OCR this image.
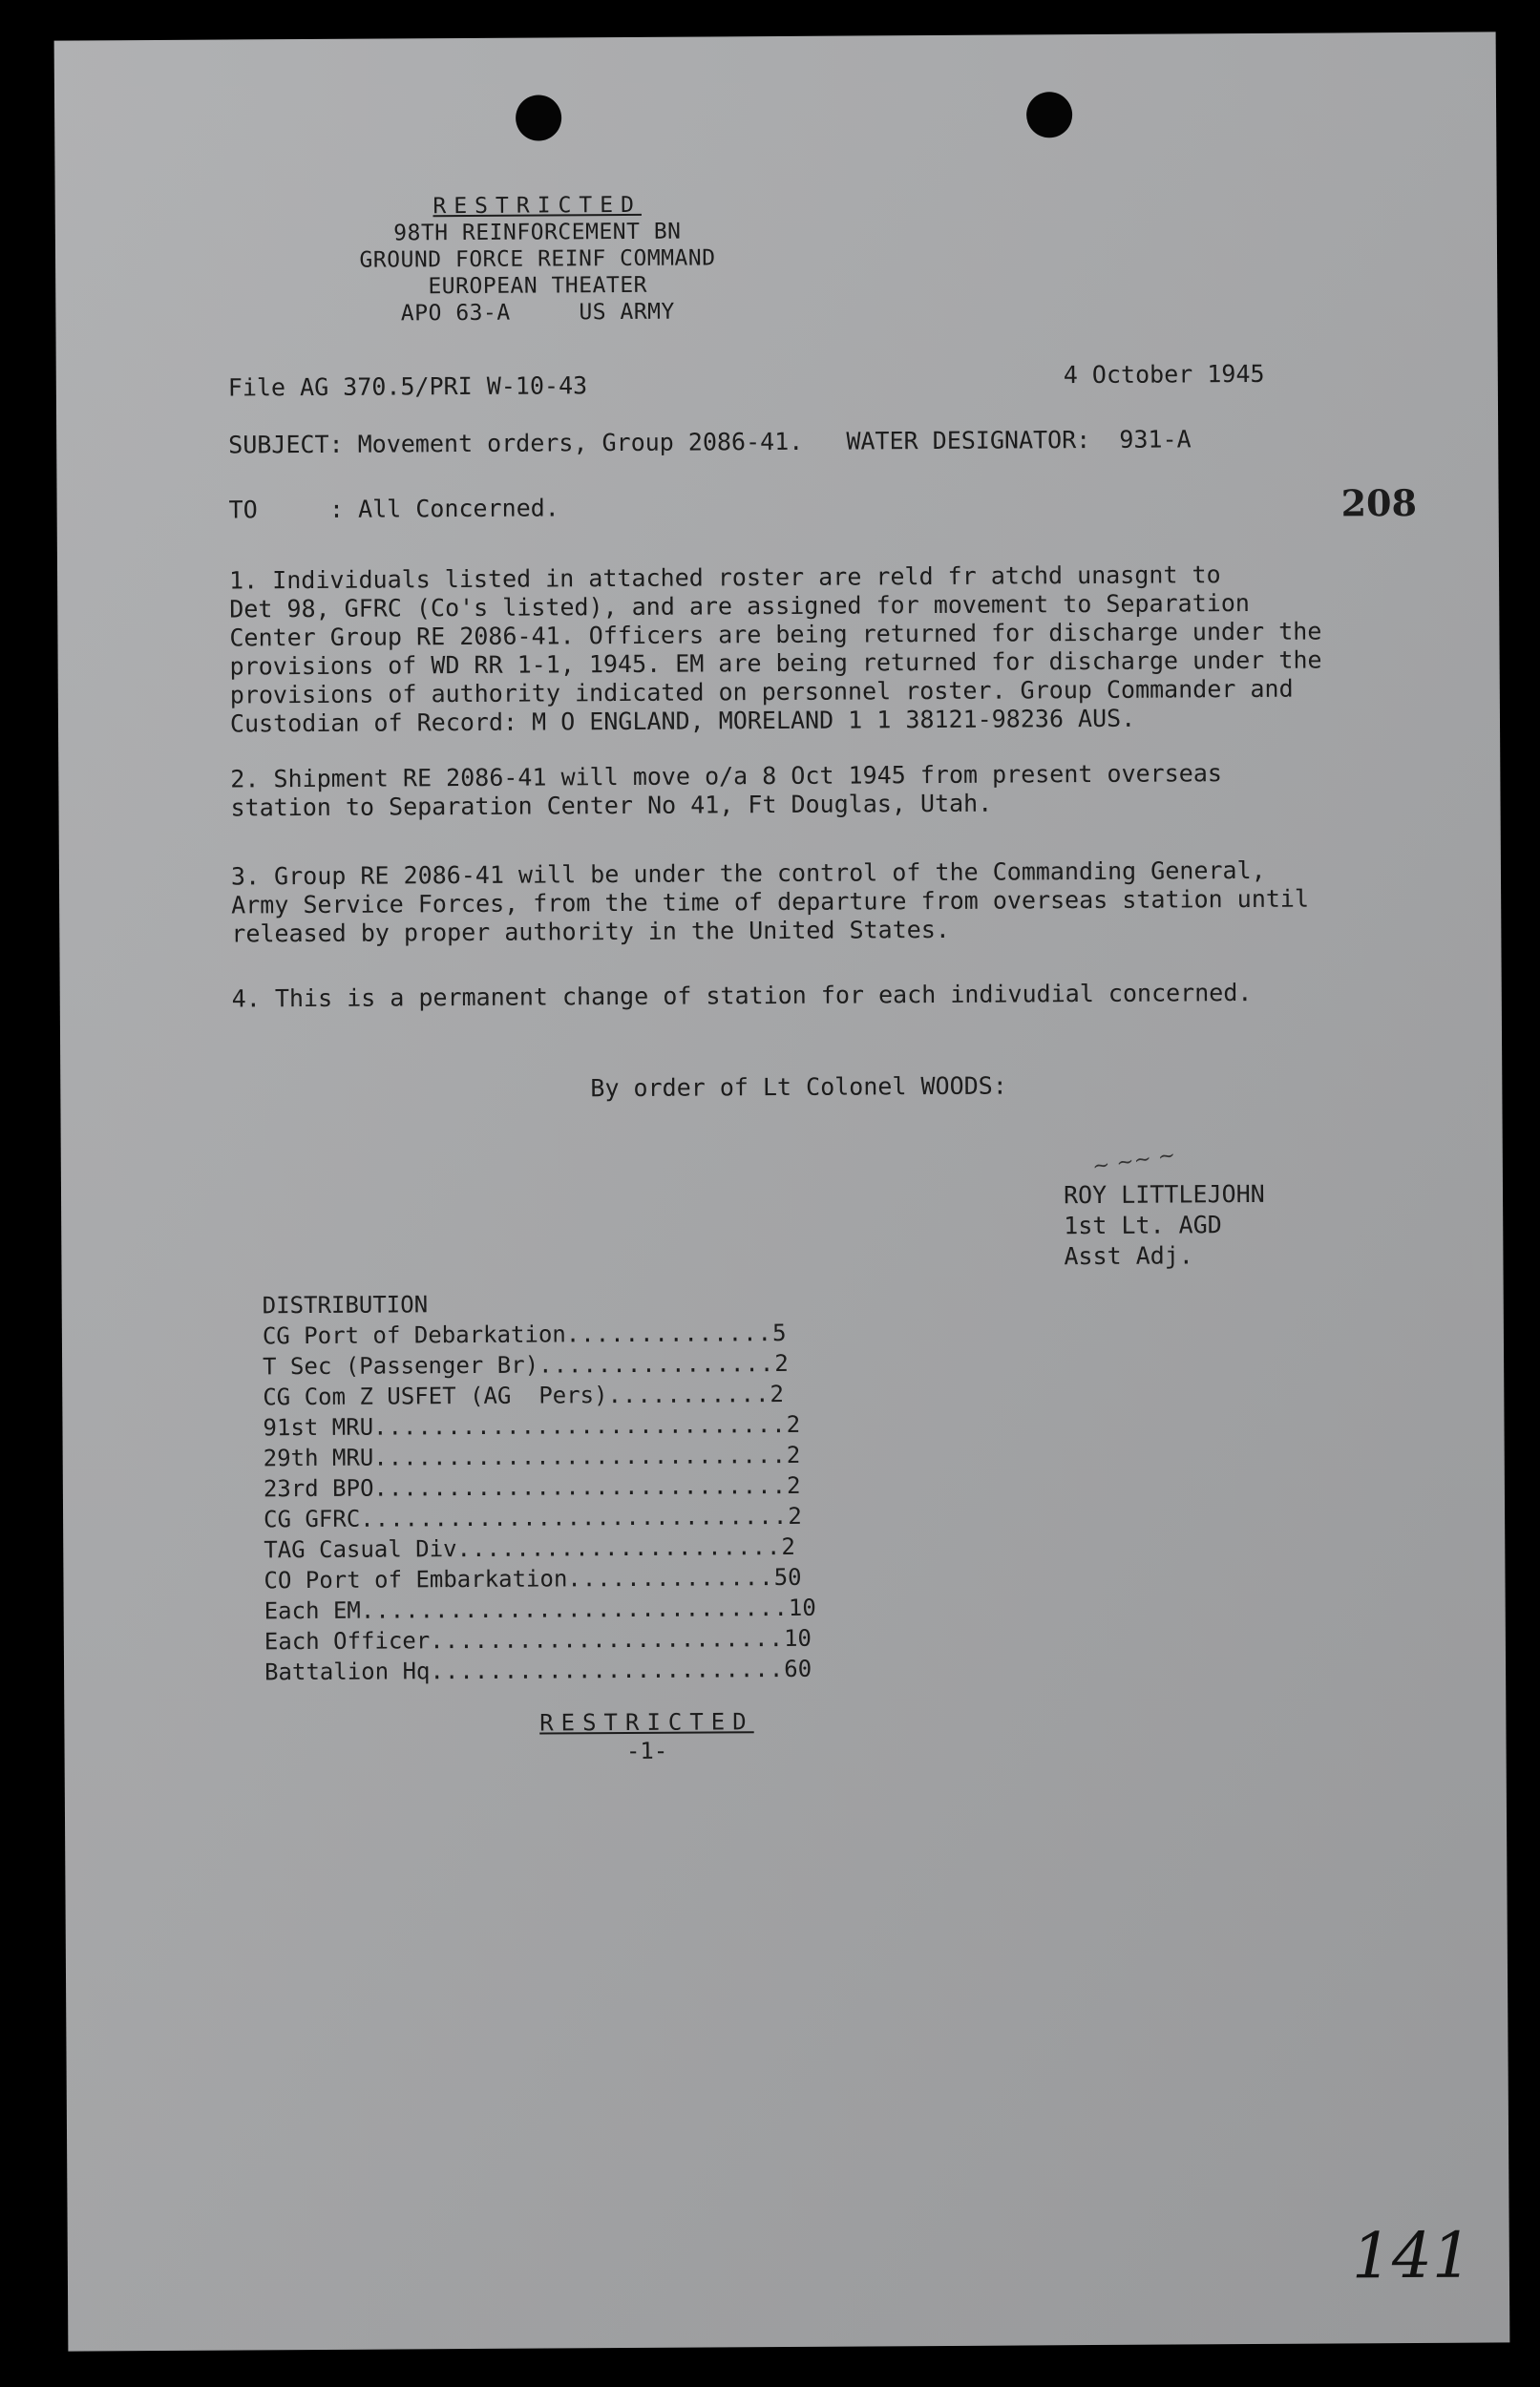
RESTRICTED
98TH REINFORCEMENT BN
GROUND FORCE REINF COMMAND
EUROPEAN THEATER
APO 63-A     US ARMY
File AG 370.5/PRI W-10-43	4 October 1945
SUBJECT: Movement orders, Group 2086-41.   WATER DESIGNATOR:  931-A
TO     : All Concerned.	208
1. Individuals listed in attached roster are reld fr atchd unasgnt to
Det 98, GFRC (Co's listed), and are assigned for movement to Separation
Center Group RE 2086-41. Officers are being returned for discharge under the
provisions of WD RR 1-1, 1945. EM are being returned for discharge under the
provisions of authority indicated on personnel roster. Group Commander and
Custodian of Record: M O ENGLAND, MORELAND 1 1 38121-98236 AUS.
2. Shipment RE 2086-41 will move o/a 8 Oct 1945 from present overseas
station to Separation Center No 41, Ft Douglas, Utah.
3. Group RE 2086-41 will be under the control of the Commanding General,
Army Service Forces, from the time of departure from overseas station until
released by proper authority in the United States.
4. This is a permanent change of station for each indivudial concerned.
By order of Lt Colonel WOODS:
~ ~~ ~
ROY LITTLEJOHN
1st Lt. AGD
Asst Adj.
DISTRIBUTION
CG Port of Debarkation .............. 5
T Sec (Passenger Br) ................ 2
CG Com Z USFET (AG  Pers) ........... 2
91st MRU ............................ 2
29th MRU ............................ 2
23rd BPO ............................ 2
CG GFRC ............................. 2
TAG Casual Div ...................... 2
CO Port of Embarkation .............. 50
Each EM ............................. 10
Each Officer ........................ 10
Battalion Hq ........................ 60
RESTRICTED
-1-
141
